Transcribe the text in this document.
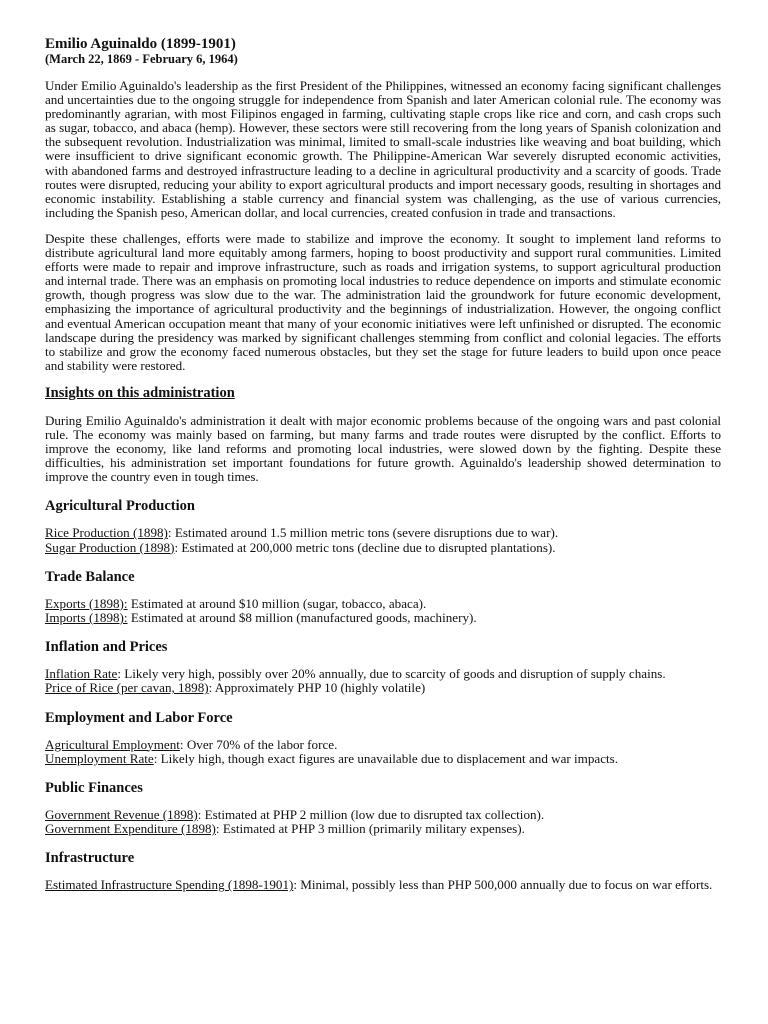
Emilio Aguinaldo (1899-1901)
(March 22, 1869 - February 6, 1964)

Under Emilio Aguinaldo's leadership as the first President of the Philippines, witnessed an economy facing significant challenges and uncertainties due to the ongoing struggle for independence from Spanish and later American colonial rule. The economy was predominantly agrarian, with most Filipinos engaged in farming, cultivating staple crops like rice and corn, and cash crops such as sugar, tobacco, and abaca (hemp). However, these sectors were still recovering from the long years of Spanish colonization and the subsequent revolution. Industrialization was minimal, limited to small-scale industries like weaving and boat building, which were insufficient to drive significant economic growth. The Philippine-American War severely disrupted economic activities, with abandoned farms and destroyed infrastructure leading to a decline in agricultural productivity and a scarcity of goods. Trade routes were disrupted, reducing your ability to export agricultural products and import necessary goods, resulting in shortages and economic instability. Establishing a stable currency and financial system was challenging, as the use of various currencies, including the Spanish peso, American dollar, and local currencies, created confusion in trade and transactions.

Despite these challenges, efforts were made to stabilize and improve the economy. It sought to implement land reforms to distribute agricultural land more equitably among farmers, hoping to boost productivity and support rural communities. Limited efforts were made to repair and improve infrastructure, such as roads and irrigation systems, to support agricultural production and internal trade. There was an emphasis on promoting local industries to reduce dependence on imports and stimulate economic growth, though progress was slow due to the war. The administration laid the groundwork for future economic development, emphasizing the importance of agricultural productivity and the beginnings of industrialization. However, the ongoing conflict and eventual American occupation meant that many of your economic initiatives were left unfinished or disrupted. The economic landscape during the presidency was marked by significant challenges stemming from conflict and colonial legacies. The efforts to stabilize and grow the economy faced numerous obstacles, but they set the stage for future leaders to build upon once peace and stability were restored.

Insights on this administration

During Emilio Aguinaldo's administration it dealt with major economic problems because of the ongoing wars and past colonial rule. The economy was mainly based on farming, but many farms and trade routes were disrupted by the conflict. Efforts to improve the economy, like land reforms and promoting local industries, were slowed down by the fighting. Despite these difficulties, his administration set important foundations for future growth. Aguinaldo's leadership showed determination to improve the country even in tough times.

Agricultural Production
Rice Production (1898): Estimated around 1.5 million metric tons (severe disruptions due to war).
Sugar Production (1898): Estimated at 200,000 metric tons (decline due to disrupted plantations).
Trade Balance
Exports (1898): Estimated at around $10 million (sugar, tobacco, abaca).
Imports (1898): Estimated at around $8 million (manufactured goods, machinery).
Inflation and Prices
Inflation Rate: Likely very high, possibly over 20% annually, due to scarcity of goods and disruption of supply chains.
Price of Rice (per cavan, 1898): Approximately PHP 10 (highly volatile)
Employment and Labor Force
Agricultural Employment: Over 70% of the labor force.
Unemployment Rate: Likely high, though exact figures are unavailable due to displacement and war impacts.
Public Finances
Government Revenue (1898): Estimated at PHP 2 million (low due to disrupted tax collection).
Government Expenditure (1898): Estimated at PHP 3 million (primarily military expenses).
Infrastructure
Estimated Infrastructure Spending (1898-1901): Minimal, possibly less than PHP 500,000 annually due to focus on war efforts.
